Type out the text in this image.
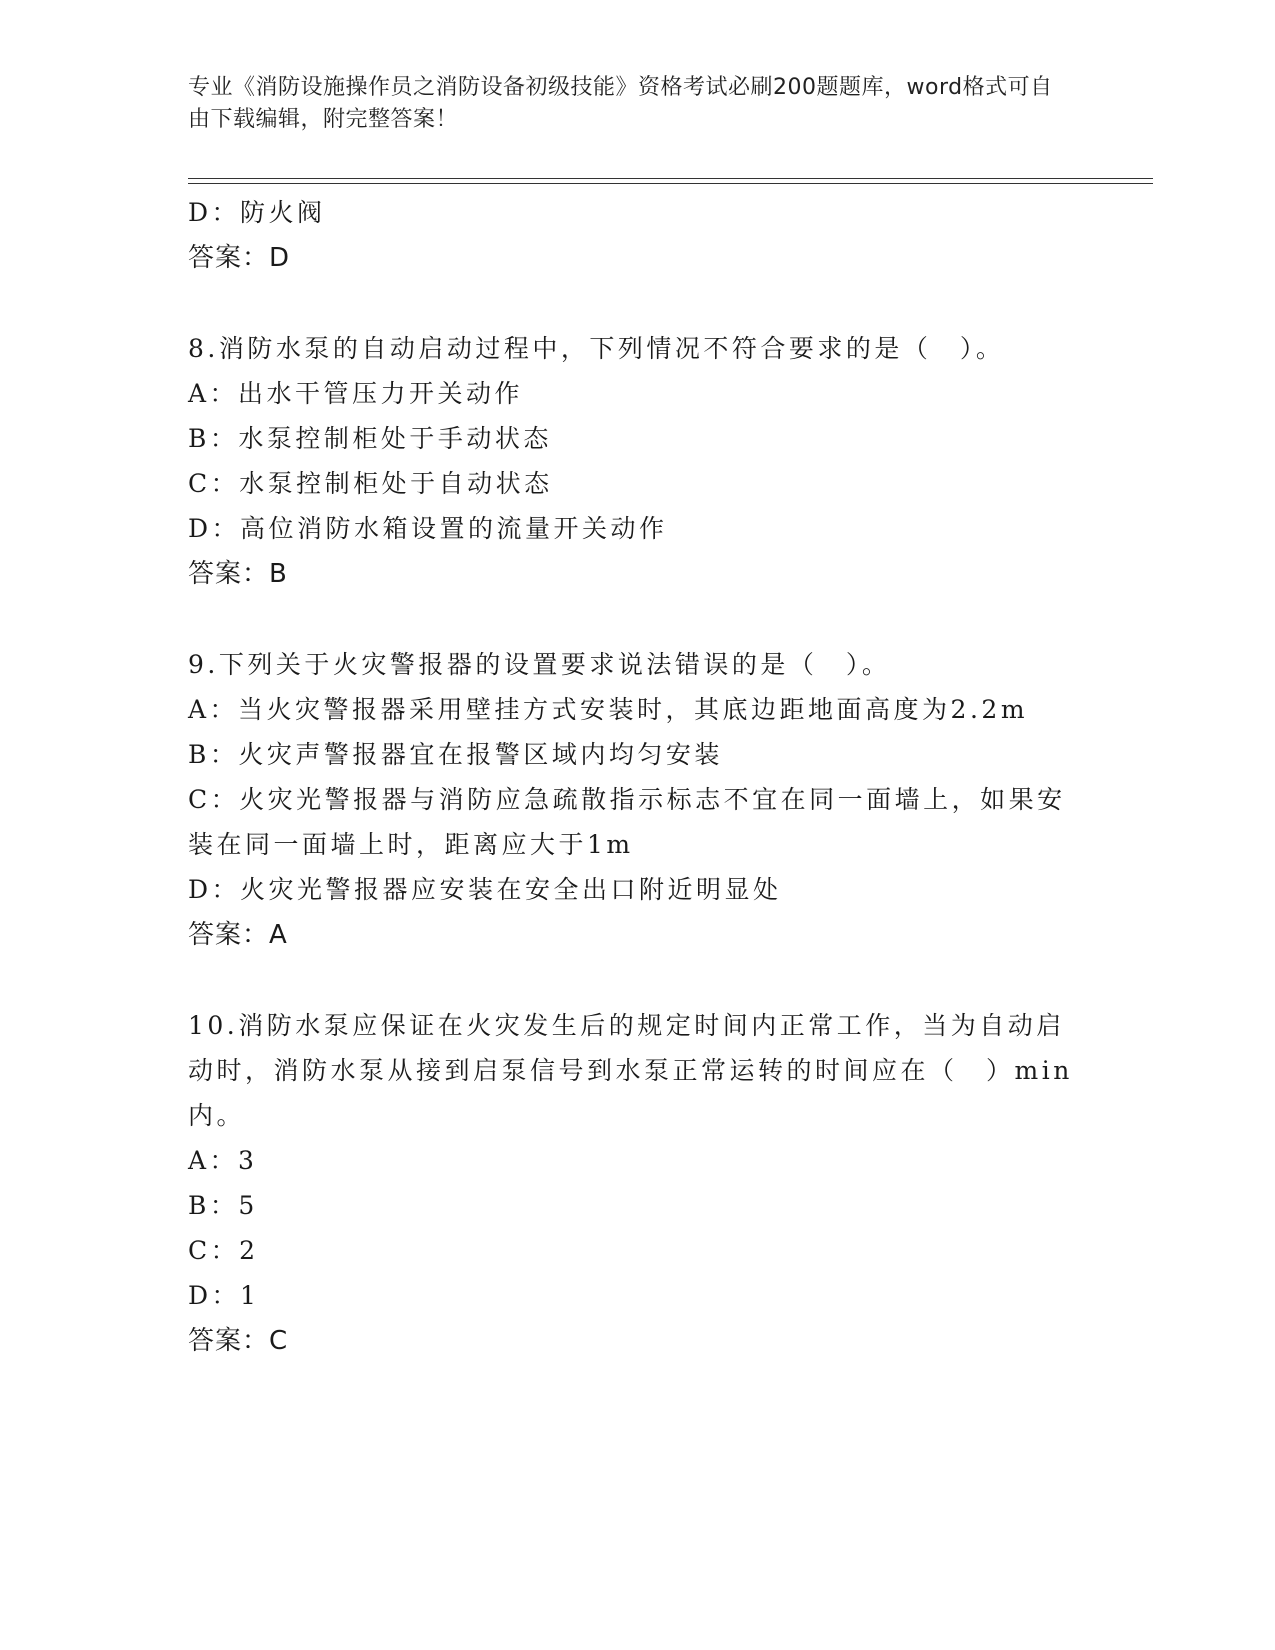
专业《消防设施操作员之消防设备初级技能》资格考试必刷200题题库，word格式可自由下载编辑，附完整答案！
D：防火阀
答案：D
8.消防水泵的自动启动过程中，下列情况不符合要求的是（　）。
A：出水干管压力开关动作
B：水泵控制柜处于手动状态
C：水泵控制柜处于自动状态
D：高位消防水箱设置的流量开关动作
答案：B
9.下列关于火灾警报器的设置要求说法错误的是（　）。
A：当火灾警报器采用壁挂方式安装时，其底边距地面高度为2.2m
B：火灾声警报器宜在报警区域内均匀安装
C：火灾光警报器与消防应急疏散指示标志不宜在同一面墙上，如果安装在同一面墙上时，距离应大于1m
D：火灾光警报器应安装在安全出口附近明显处
答案：A
10.消防水泵应保证在火灾发生后的规定时间内正常工作，当为自动启动时，消防水泵从接到启泵信号到水泵正常运转的时间应在（　）min内。
A：3
B：5
C：2
D：1
答案：C
